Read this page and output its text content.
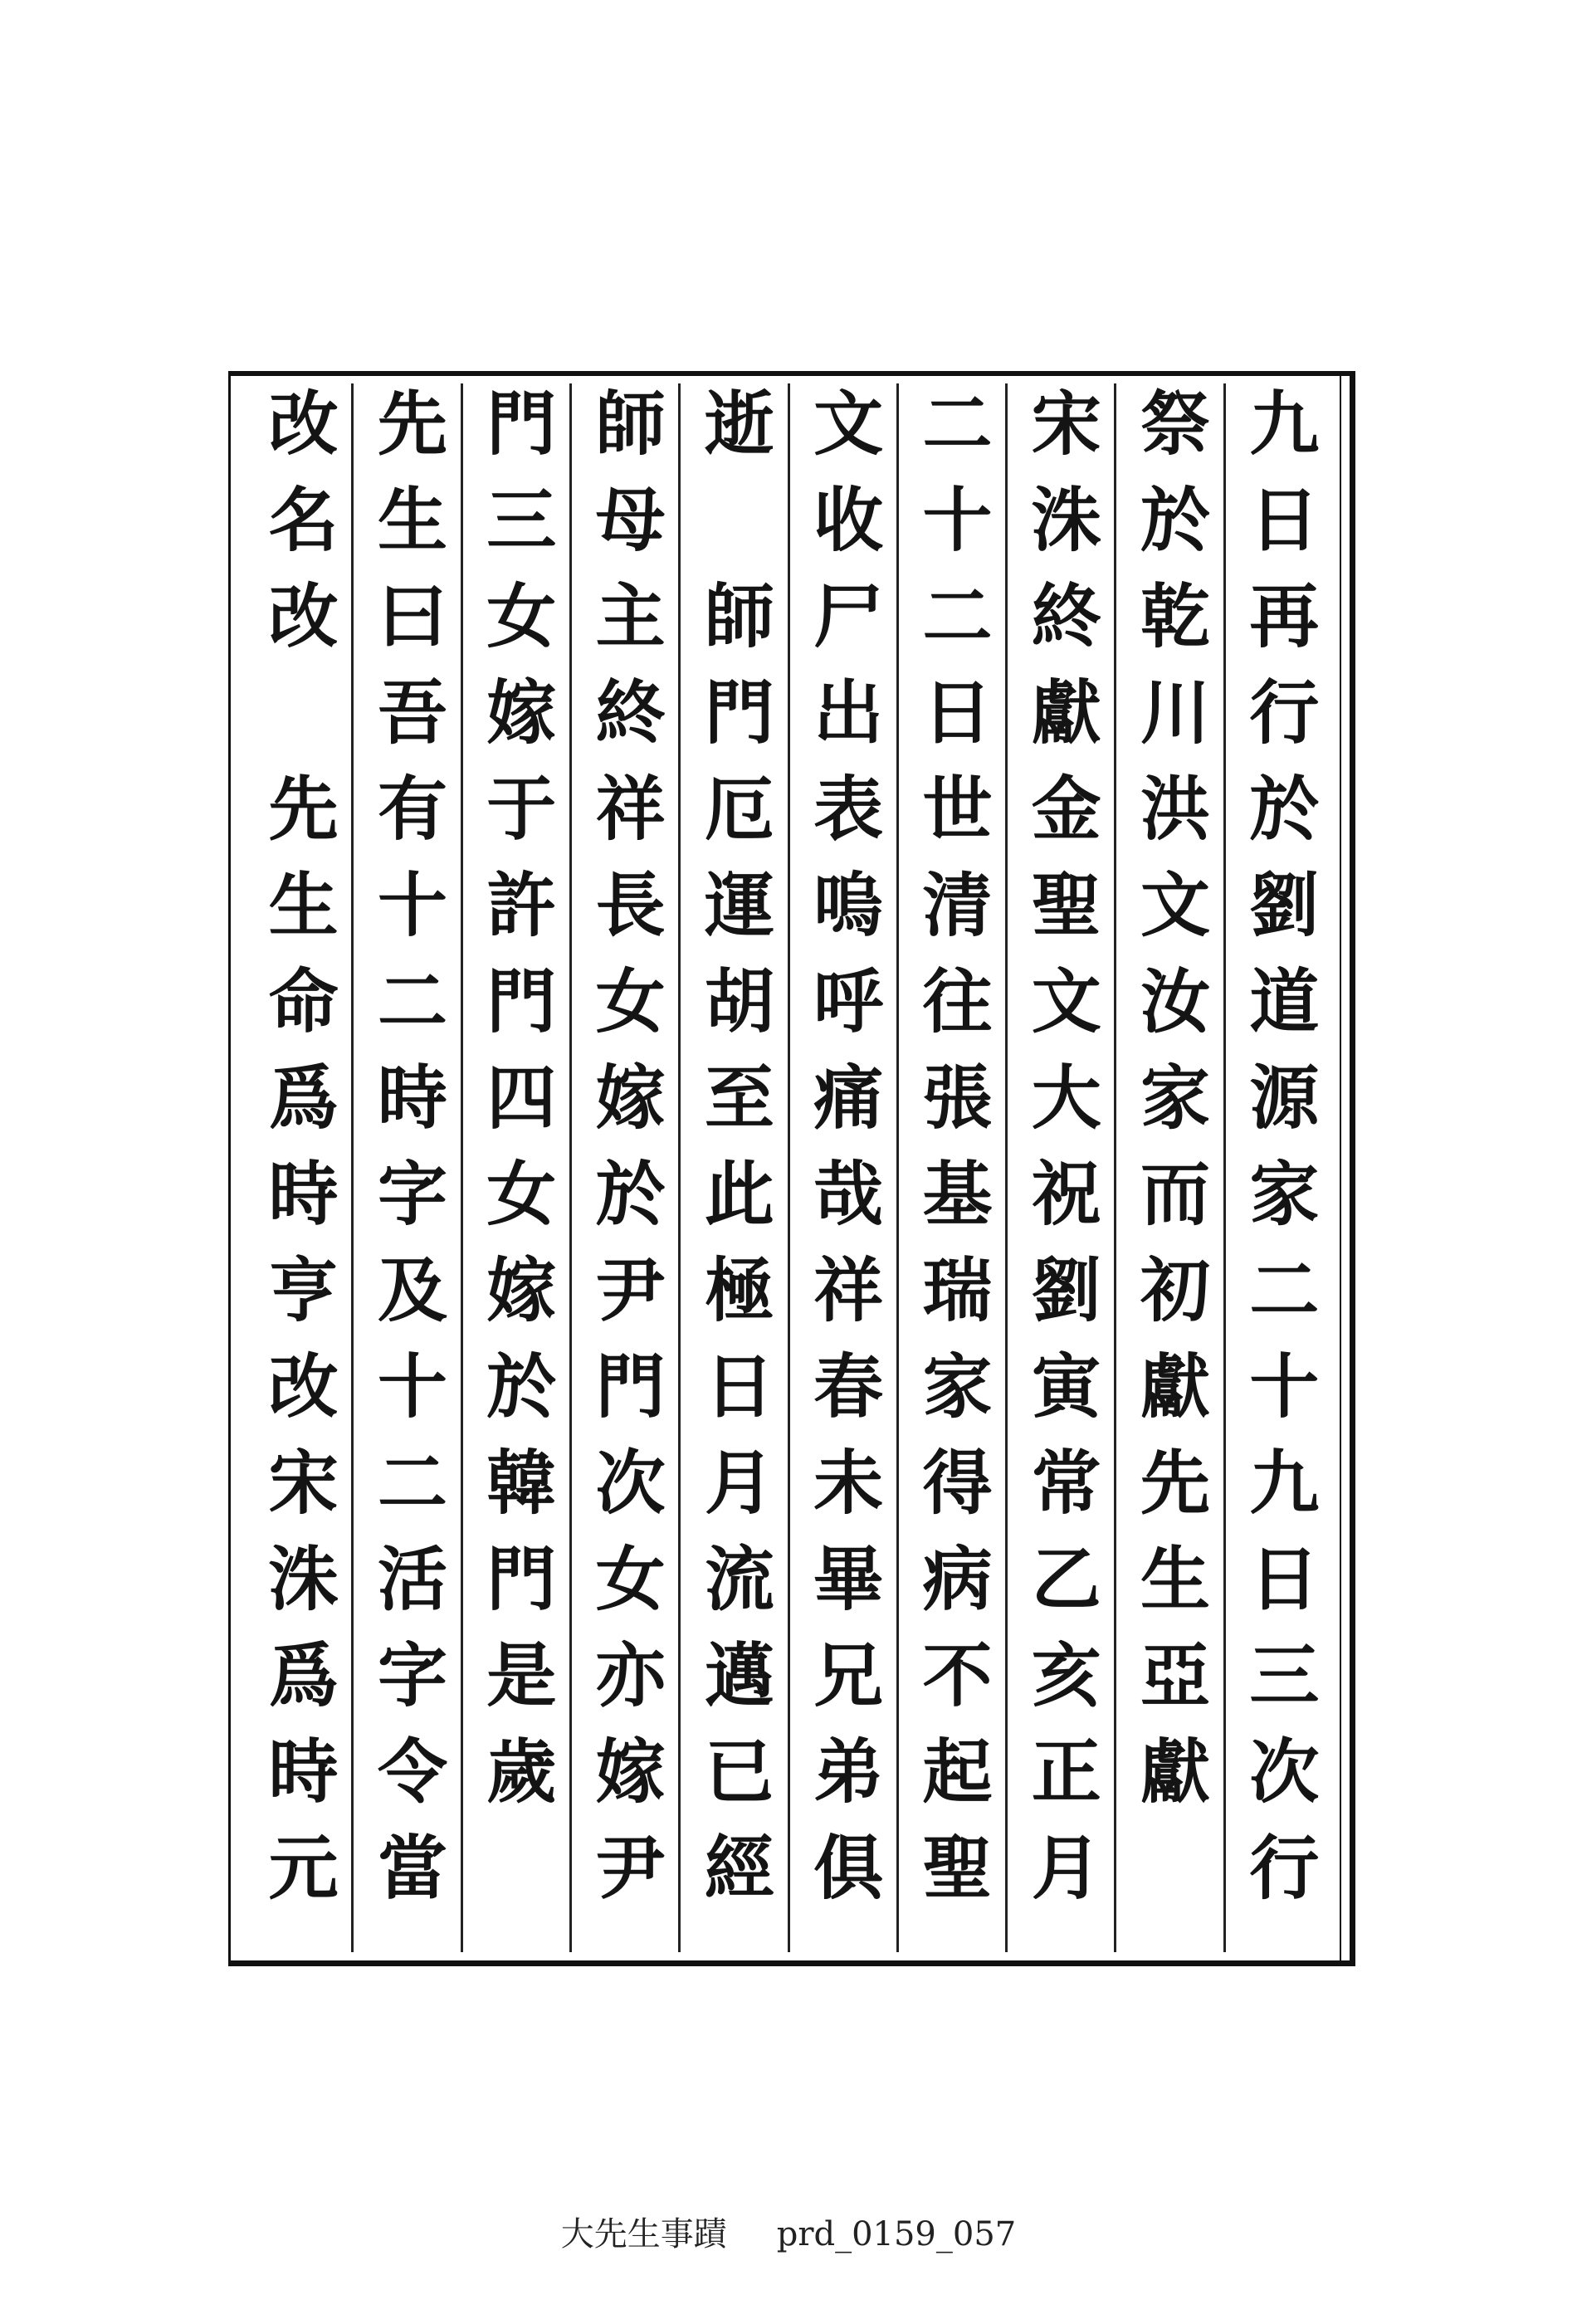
九日再行於劉道源家二十九日三次行
祭於乾川洪文汝家而初獻先生亞獻
宋洙終獻金聖文大祝劉寅常乙亥正月
二十二日世清往張基瑞家得病不起聖
文收尸出表嗚呼痛哉祥春未畢兄弟俱
逝　師門厄運胡至此極日月流邁已經
師母主終祥長女嫁於尹門次女亦嫁尹
門三女嫁于許門四女嫁於韓門是歲
先生曰吾有十二時字及十二活字令當
改名改　先生命爲時亨改宋洙爲時元
大先生事蹟 prd_0159_057
